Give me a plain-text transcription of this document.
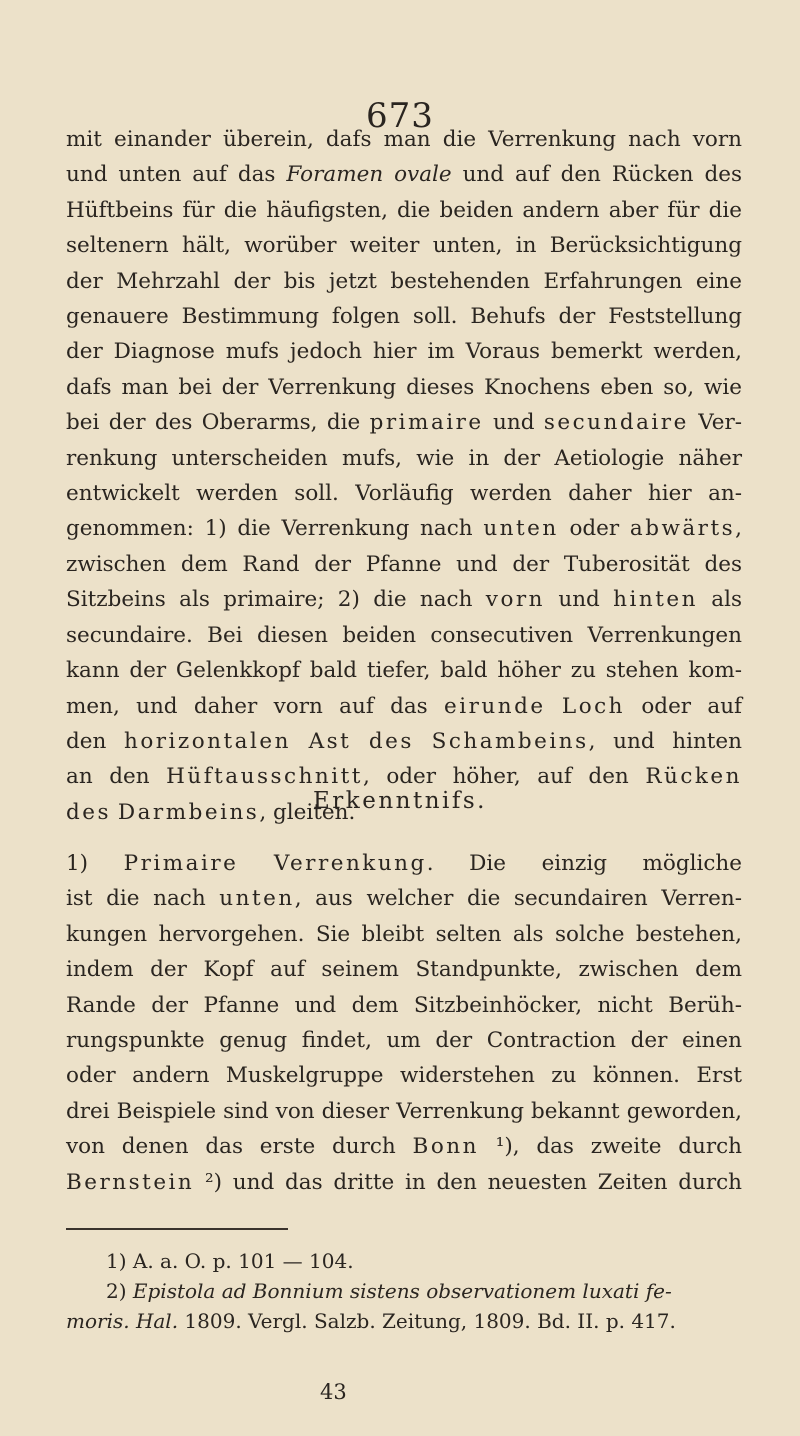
673
mit einander überein, dafs man die Verrenkung nach vorn
und unten auf das Foramen ovale und auf den Rücken des
Hüftbeins für die häufigsten, die beiden andern aber für die
seltenern hält, worüber weiter unten, in Berücksichtigung
der Mehrzahl der bis jetzt bestehenden Erfahrungen eine
genauere Bestimmung folgen soll. Behufs der Feststellung
der Diagnose mufs jedoch hier im Voraus bemerkt werden,
dafs man bei der Verrenkung dieses Knochens eben so, wie
bei der des Oberarms, die primaire und secundaire Ver-
renkung unterscheiden mufs, wie in der Aetiologie näher
entwickelt werden soll. Vorläufig werden daher hier an-
genommen: 1) die Verrenkung nach unten oder abwärts,
zwischen dem Rand der Pfanne und der Tuberosität des
Sitzbeins als primaire; 2) die nach vorn und hinten als
secundaire. Bei diesen beiden consecutiven Verrenkungen
kann der Gelenkkopf bald tiefer, bald höher zu stehen kom-
men, und daher vorn auf das eirunde Loch oder auf
den horizontalen Ast des Schambeins, und hinten
an den Hüftausschnitt, oder höher, auf den Rücken
des Darmbeins, gleiten.
Erkenntnifs.
1) Primaire Verrenkung. Die einzig mögliche
ist die nach unten, aus welcher die secundairen Verren-
kungen hervorgehen. Sie bleibt selten als solche bestehen,
indem der Kopf auf seinem Standpunkte, zwischen dem
Rande der Pfanne und dem Sitzbeinhöcker, nicht Berüh-
rungspunkte genug findet, um der Contraction der einen
oder andern Muskelgruppe widerstehen zu können. Erst
drei Beispiele sind von dieser Verrenkung bekannt geworden,
von denen das erste durch Bonn ¹), das zweite durch
Bernstein ²) und das dritte in den neuesten Zeiten durch
1) A. a. O. p. 101 — 104.
2) Epistola ad Bonnium sistens observationem luxati fe-
moris. Hal. 1809. Vergl. Salzb. Zeitung, 1809. Bd. II. p. 417.
43
